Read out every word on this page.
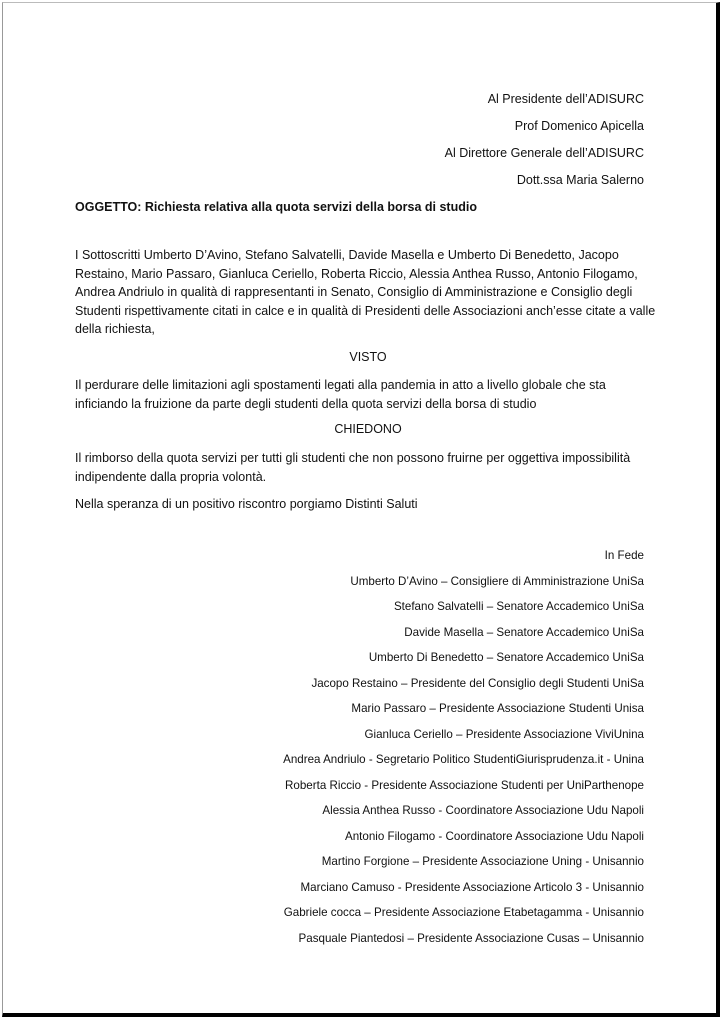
Al Presidente dell’ADISURC
Prof Domenico Apicella
Al Direttore Generale dell’ADISURC
Dott.ssa Maria Salerno
OGGETTO: Richiesta relativa alla quota servizi della borsa di studio
I Sottoscritti Umberto D’Avino, Stefano Salvatelli, Davide Masella e Umberto Di Benedetto, Jacopo Restaino, Mario Passaro, Gianluca Ceriello, Roberta Riccio, Alessia Anthea Russo, Antonio Filogamo, Andrea Andriulo in qualità di rappresentanti in Senato, Consiglio di Amministrazione e Consiglio degli Studenti rispettivamente citati in calce e in qualità di Presidenti delle Associazioni anch’esse citate a valle della richiesta,
VISTO
Il perdurare delle limitazioni agli spostamenti legati alla pandemia in atto a livello globale che sta inficiando la fruizione da parte degli studenti della quota servizi della borsa di studio
CHIEDONO
Il rimborso della quota servizi per tutti gli studenti che non possono fruirne per oggettiva impossibilità indipendente dalla propria volontà.
Nella speranza di un positivo riscontro porgiamo Distinti Saluti
In Fede
Umberto D’Avino – Consigliere di Amministrazione UniSa
Stefano Salvatelli – Senatore Accademico UniSa
Davide Masella – Senatore Accademico UniSa
Umberto Di Benedetto – Senatore Accademico UniSa
Jacopo Restaino – Presidente del Consiglio degli Studenti UniSa
Mario Passaro – Presidente Associazione Studenti Unisa
Gianluca Ceriello – Presidente Associazione ViviUnina
Andrea Andriulo - Segretario Politico StudentiGiurisprudenza.it - Unina
Roberta Riccio - Presidente Associazione Studenti per UniParthenope
Alessia Anthea Russo - Coordinatore Associazione Udu Napoli
Antonio Filogamo - Coordinatore Associazione Udu Napoli
Martino Forgione – Presidente Associazione Uning - Unisannio
Marciano Camuso - Presidente Associazione Articolo 3 - Unisannio
Gabriele cocca – Presidente Associazione Etabetagamma - Unisannio
Pasquale Piantedosi – Presidente Associazione Cusas – Unisannio
